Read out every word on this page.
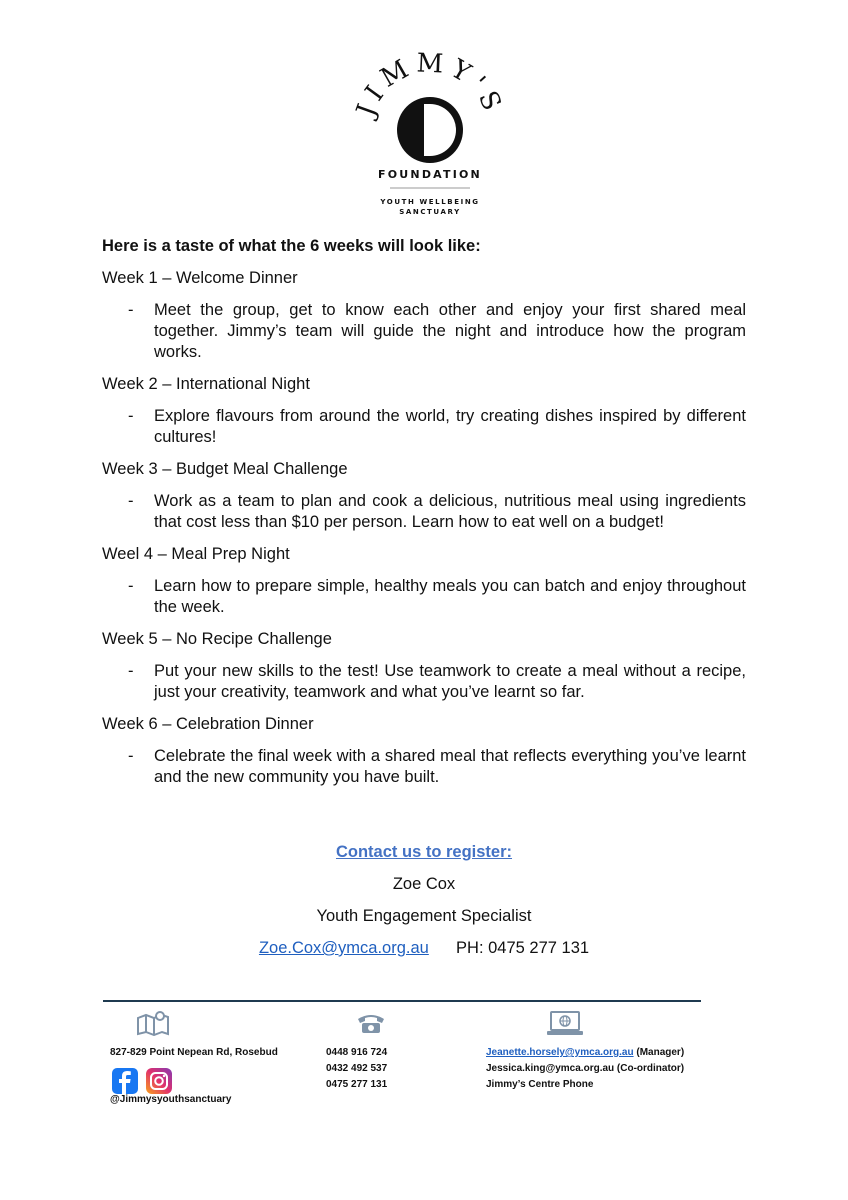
JIMMY'S
FOUNDATION
YOUTH WELLBEING
SANCTUARY

Here is a taste of what the 6 weeks will look like:

Week 1 – Welcome Dinner

- Meet the group, get to know each other and enjoy your first shared meal together. Jimmy’s team will guide the night and introduce how the program works.

Week 2 – International Night

- Explore flavours from around the world, try creating dishes inspired by different cultures!

Week 3 – Budget Meal Challenge

- Work as a team to plan and cook a delicious, nutritious meal using ingredients that cost less than $10 per person. Learn how to eat well on a budget!

Weel 4 – Meal Prep Night

- Learn how to prepare simple, healthy meals you can batch and enjoy throughout the week.

Week 5 – No Recipe Challenge

- Put your new skills to the test! Use teamwork to create a meal without a recipe, just your creativity, teamwork and what you’ve learnt so far.

Week 6 – Celebration Dinner

- Celebrate the final week with a shared meal that reflects everything you’ve learnt and the new community you have built.
Contact us to register:
Zoe Cox
Youth Engagement Specialist
Zoe.Cox@ymca.org.au PH: 0475 277 131
827-829 Point Nepean Rd, Rosebud	0448 916 724
0432 492 537
0475 277 131
Jeanette.horsely@ymca.org.au (Manager)
Jessica.king@ymca.org.au (Co-ordinator)
Jimmy’s Centre Phone
@Jimmysyouthsanctuary
